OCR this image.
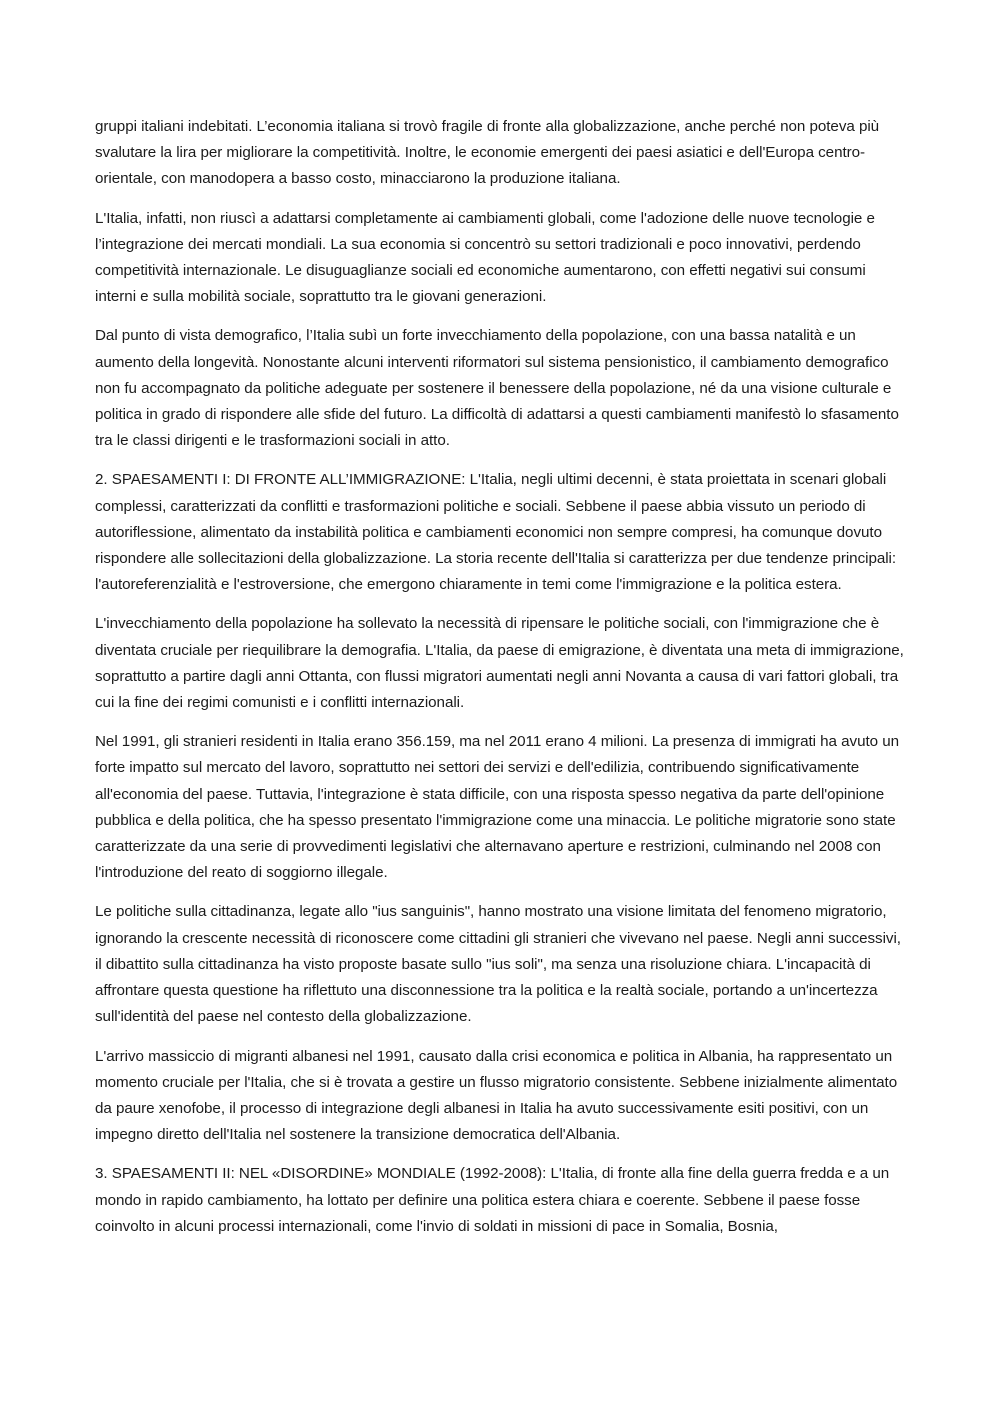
gruppi italiani indebitati. L’economia italiana si trovò fragile di fronte alla globalizzazione, anche perché non poteva più svalutare la lira per migliorare la competitività. Inoltre, le economie emergenti dei paesi asiatici e dell'Europa centro-orientale, con manodopera a basso costo, minacciarono la produzione italiana.

L'Italia, infatti, non riuscì a adattarsi completamente ai cambiamenti globali, come l'adozione delle nuove tecnologie e l’integrazione dei mercati mondiali. La sua economia si concentrò su settori tradizionali e poco innovativi, perdendo competitività internazionale. Le disuguaglianze sociali ed economiche aumentarono, con effetti negativi sui consumi interni e sulla mobilità sociale, soprattutto tra le giovani generazioni.

Dal punto di vista demografico, l’Italia subì un forte invecchiamento della popolazione, con una bassa natalità e un aumento della longevità. Nonostante alcuni interventi riformatori sul sistema pensionistico, il cambiamento demografico non fu accompagnato da politiche adeguate per sostenere il benessere della popolazione, né da una visione culturale e politica in grado di rispondere alle sfide del futuro. La difficoltà di adattarsi a questi cambiamenti manifestò lo sfasamento tra le classi dirigenti e le trasformazioni sociali in atto.

2. SPAESAMENTI I: DI FRONTE ALL’IMMIGRAZIONE: L'Italia, negli ultimi decenni, è stata proiettata in scenari globali complessi, caratterizzati da conflitti e trasformazioni politiche e sociali. Sebbene il paese abbia vissuto un periodo di autoriflessione, alimentato da instabilità politica e cambiamenti economici non sempre compresi, ha comunque dovuto rispondere alle sollecitazioni della globalizzazione. La storia recente dell'Italia si caratterizza per due tendenze principali: l'autoreferenzialità e l'estroversione, che emergono chiaramente in temi come l'immigrazione e la politica estera.

L'invecchiamento della popolazione ha sollevato la necessità di ripensare le politiche sociali, con l'immigrazione che è diventata cruciale per riequilibrare la demografia. L'Italia, da paese di emigrazione, è diventata una meta di immigrazione, soprattutto a partire dagli anni Ottanta, con flussi migratori aumentati negli anni Novanta a causa di vari fattori globali, tra cui la fine dei regimi comunisti e i conflitti internazionali.

Nel 1991, gli stranieri residenti in Italia erano 356.159, ma nel 2011 erano 4 milioni. La presenza di immigrati ha avuto un forte impatto sul mercato del lavoro, soprattutto nei settori dei servizi e dell'edilizia, contribuendo significativamente all'economia del paese. Tuttavia, l'integrazione è stata difficile, con una risposta spesso negativa da parte dell'opinione pubblica e della politica, che ha spesso presentato l'immigrazione come una minaccia. Le politiche migratorie sono state caratterizzate da una serie di provvedimenti legislativi che alternavano aperture e restrizioni, culminando nel 2008 con l'introduzione del reato di soggiorno illegale.

Le politiche sulla cittadinanza, legate allo "ius sanguinis", hanno mostrato una visione limitata del fenomeno migratorio, ignorando la crescente necessità di riconoscere come cittadini gli stranieri che vivevano nel paese. Negli anni successivi, il dibattito sulla cittadinanza ha visto proposte basate sullo "ius soli", ma senza una risoluzione chiara. L'incapacità di affrontare questa questione ha riflettuto una disconnessione tra la politica e la realtà sociale, portando a un'incertezza sull'identità del paese nel contesto della globalizzazione.

L'arrivo massiccio di migranti albanesi nel 1991, causato dalla crisi economica e politica in Albania, ha rappresentato un momento cruciale per l'Italia, che si è trovata a gestire un flusso migratorio consistente. Sebbene inizialmente alimentato da paure xenofobe, il processo di integrazione degli albanesi in Italia ha avuto successivamente esiti positivi, con un impegno diretto dell'Italia nel sostenere la transizione democratica dell'Albania.

3. SPAESAMENTI II: NEL «DISORDINE» MONDIALE (1992-2008): L'Italia, di fronte alla fine della guerra fredda e a un mondo in rapido cambiamento, ha lottato per definire una politica estera chiara e coerente. Sebbene il paese fosse coinvolto in alcuni processi internazionali, come l'invio di soldati in missioni di pace in Somalia, Bosnia,
